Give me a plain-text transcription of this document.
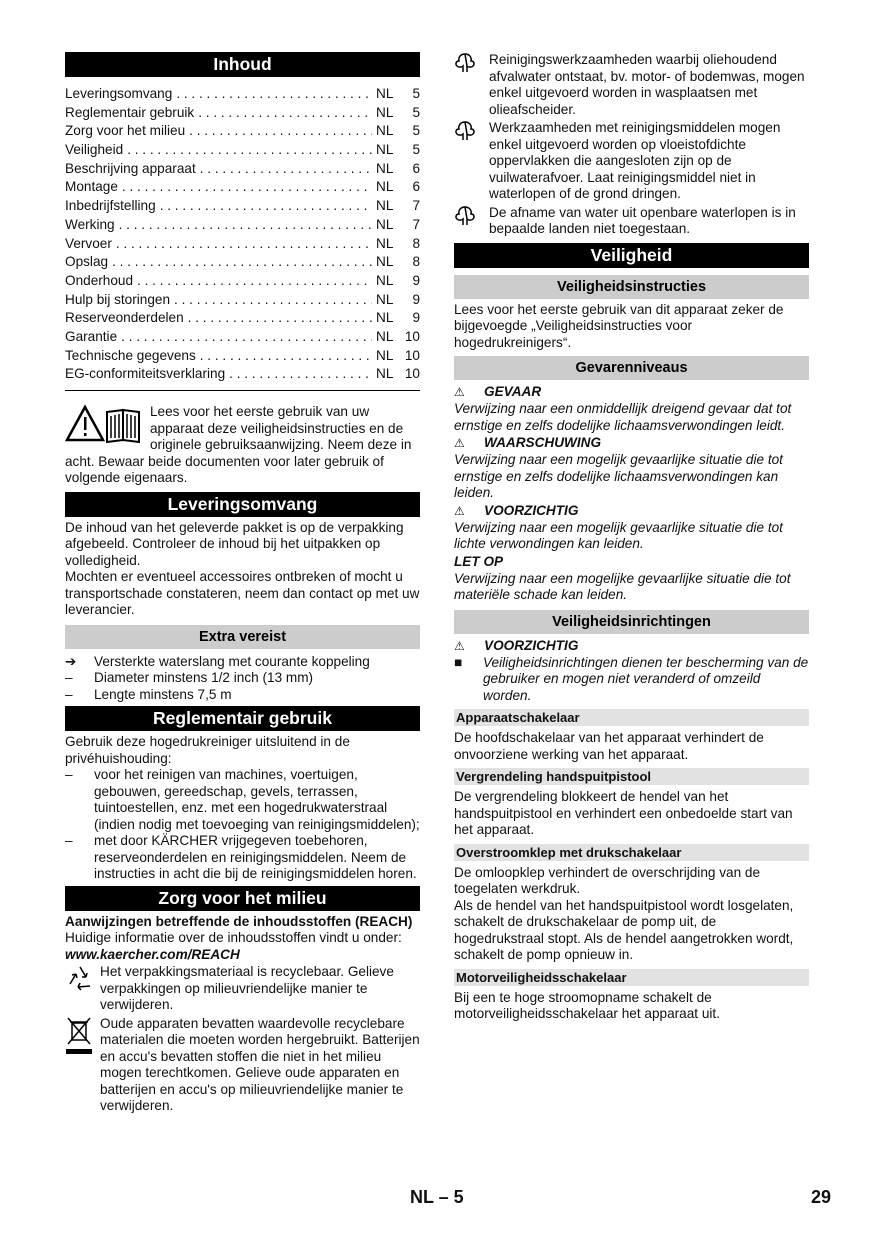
Inhoud
Leveringsomvang . . .	NL	5
Reglementair gebruik . . .	NL	5
Zorg voor het milieu . . .	NL	5
Veiligheid . . .	NL	5
Beschrijving apparaat . . .	NL	6
Montage . . .	NL	6
Inbedrijfstelling . . .	NL	7
Werking . . .	NL	7
Vervoer . . .	NL	8
Opslag . . .	NL	8
Onderhoud . . .	NL	9
Hulp bij storingen . . .	NL	9
Reserveonderdelen . . .	NL	9
Garantie . . .	NL 10
Technische gegevens . . .	NL 10
EG-conformiteitsverklaring . . .	NL 10

Lees voor het eerste gebruik van uw apparaat deze veiligheidsinstructies en de originele gebruiksaanwijzing. Neem deze in acht. Bewaar beide documenten voor later gebruik of volgende eigenaars.

Leveringsomvang

De inhoud van het geleverde pakket is op de verpakking afgebeeld. Controleer de inhoud bij het uitpakken op volledigheid.

Mochten er eventueel accessoires ontbreken of mocht u transportschade constateren, neem dan contact op met uw leverancier.

Extra vereist
➔	Versterkte waterslang met courante koppeling
–	Diameter minstens 1/2 inch (13 mm)
–	Lengte minstens 7,5 m
Reglementair gebruik

Gebruik deze hogedrukreiniger uitsluitend in de privéhuishouding:

–	voor het reinigen van machines, voertuigen, gebouwen, gereedschap, gevels, terrassen, tuintoestellen, enz. met een hogedrukwaterstraal (indien nodig met toevoeging van reinigingsmiddelen);
–	met door KÄRCHER vrijgegeven toebehoren, reserveonderdelen en reinigingsmiddelen. Neem de instructies in acht die bij de reinigingsmiddelen horen.
Zorg voor het milieu

Aanwijzingen betreffende de inhoudsstoffen (REACH)

Huidige informatie over de inhoudsstoffen vindt u onder:

www.kaercher.com/REACH

Het verpakkingsmateriaal is recyclebaar. Gelieve verpakkingen op milieuvriendelijke manier te verwijderen.

Oude apparaten bevatten waardevolle recyclebare materialen die moeten worden hergebruikt. Batterijen en accu's bevatten stoffen die niet in het milieu mogen terechtkomen. Gelieve oude apparaten en batterijen en accu's op milieuvriendelijke manier te verwijderen.

Reinigingswerkzaamheden waarbij oliehoudend afvalwater ontstaat, bv. motor- of bodemwas, mogen enkel uitgevoerd worden in wasplaatsen met olieafscheider.

Werkzaamheden met reinigingsmiddelen mogen enkel uitgevoerd worden op vloeistofdichte oppervlakken die aangesloten zijn op de vuilwaterafvoer. Laat reinigingsmiddel niet in waterlopen of de grond dringen.

De afname van water uit openbare waterlopen is in bepaalde landen niet toegestaan.

Veiligheid
Veiligheidsinstructies

Lees voor het eerste gebruik van dit apparaat zeker de bijgevoegde „Veiligheidsinstructies voor hogedrukreinigers“.

Gevarenniveaus
⚠	GEVAAR

Verwijzing naar een onmiddellijk dreigend gevaar dat tot ernstige en zelfs dodelijke lichaamsverwondingen leidt.

⚠	WAARSCHUWING

Verwijzing naar een mogelijk gevaarlijke situatie die tot ernstige en zelfs dodelijke lichaamsverwondingen kan leiden.

⚠	VOORZICHTIG

Verwijzing naar een mogelijk gevaarlijke situatie die tot lichte verwondingen kan leiden.

LET OP

Verwijzing naar een mogelijke gevaarlijke situatie die tot materiële schade kan leiden.

Veiligheidsinrichtingen
⚠	VOORZICHTIG
■	Veiligheidsinrichtingen dienen ter bescherming van de gebruiker en mogen niet veranderd of omzeild worden.

Apparaatschakelaar

De hoofdschakelaar van het apparaat verhindert de onvoorziene werking van het apparaat.

Vergrendeling handspuitpistool

De vergrendeling blokkeert de hendel van het handspuitpistool en verhindert een onbedoelde start van het apparaat.

Overstroomklep met drukschakelaar

De omloopklep verhindert de overschrijding van de toegelaten werkdruk.
Als de hendel van het handspuitpistool wordt losgelaten, schakelt de drukschakelaar de pomp uit, de hogedrukstraal stopt. Als de hendel aangetrokken wordt, schakelt de pomp opnieuw in.

Motorveiligheidsschakelaar

Bij een te hoge stroomopname schakelt de motorveiligheidsschakelaar het apparaat uit.

NL – 5	29
